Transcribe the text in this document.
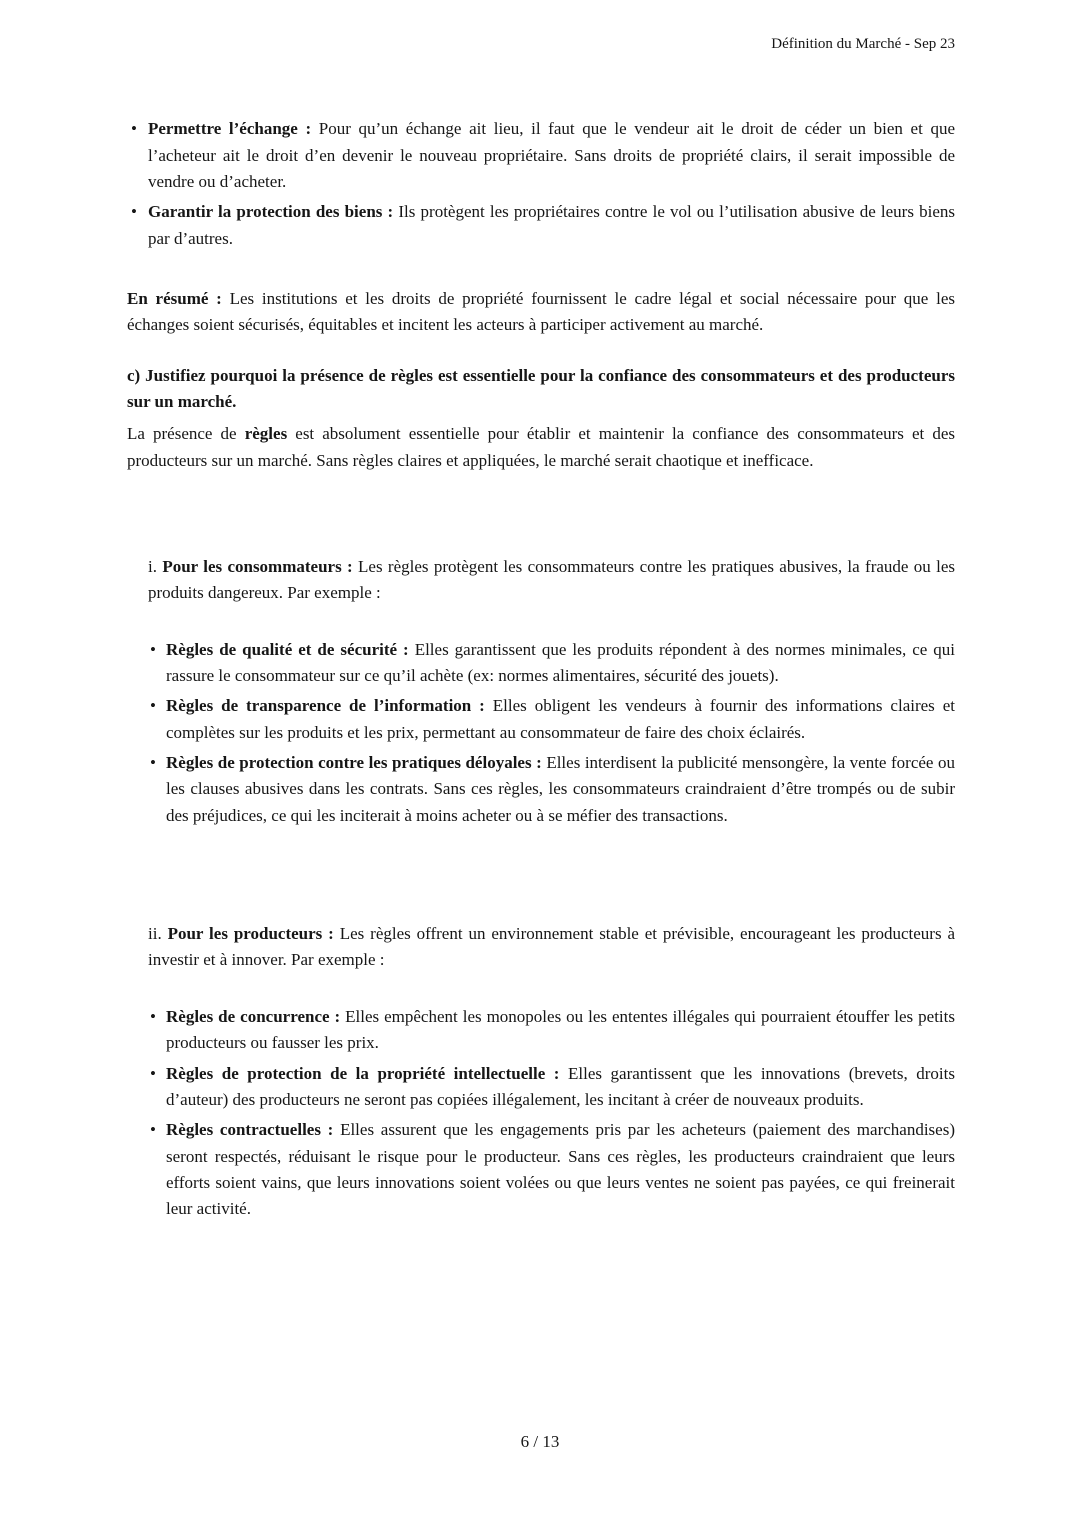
Définition du Marché - Sep 23
• Permettre l’échange : Pour qu’un échange ait lieu, il faut que le vendeur ait le droit de céder un bien et que l’acheteur ait le droit d’en devenir le nouveau propriétaire. Sans droits de propriété clairs, il serait impossible de vendre ou d’acheter.
• Garantir la protection des biens : Ils protègent les propriétaires contre le vol ou l’utilisation abusive de leurs biens par d’autres.

En résumé : Les institutions et les droits de propriété fournissent le cadre légal et social nécessaire pour que les échanges soient sécurisés, équitables et incitent les acteurs à participer activement au marché.

c) Justifiez pourquoi la présence de règles est essentielle pour la confiance des consommateurs et des producteurs sur un marché.

La présence de règles est absolument essentielle pour établir et maintenir la confiance des consommateurs et des producteurs sur un marché. Sans règles claires et appliquées, le marché serait chaotique et inefficace.

i. Pour les consommateurs : Les règles protègent les consommateurs contre les pratiques abusives, la fraude ou les produits dangereux. Par exemple :

• Règles de qualité et de sécurité : Elles garantissent que les produits répondent à des normes minimales, ce qui rassure le consommateur sur ce qu’il achète (ex: normes alimentaires, sécurité des jouets).
• Règles de transparence de l’information : Elles obligent les vendeurs à fournir des informations claires et complètes sur les produits et les prix, permettant au consommateur de faire des choix éclairés.
• Règles de protection contre les pratiques déloyales : Elles interdisent la publicité mensongère, la vente forcée ou les clauses abusives dans les contrats. Sans ces règles, les consommateurs craindraient d’être trompés ou de subir des préjudices, ce qui les inciterait à moins acheter ou à se méfier des transactions.

ii. Pour les producteurs : Les règles offrent un environnement stable et prévisible, encourageant les producteurs à investir et à innover. Par exemple :

• Règles de concurrence : Elles empêchent les monopoles ou les ententes illégales qui pourraient étouffer les petits producteurs ou fausser les prix.
• Règles de protection de la propriété intellectuelle : Elles garantissent que les innovations (brevets, droits d’auteur) des producteurs ne seront pas copiées illégalement, les incitant à créer de nouveaux produits.
• Règles contractuelles : Elles assurent que les engagements pris par les acheteurs (paiement des marchandises) seront respectés, réduisant le risque pour le producteur. Sans ces règles, les producteurs craindraient que leurs efforts soient vains, que leurs innovations soient volées ou que leurs ventes ne soient pas payées, ce qui freinerait leur activité.
6 / 13
